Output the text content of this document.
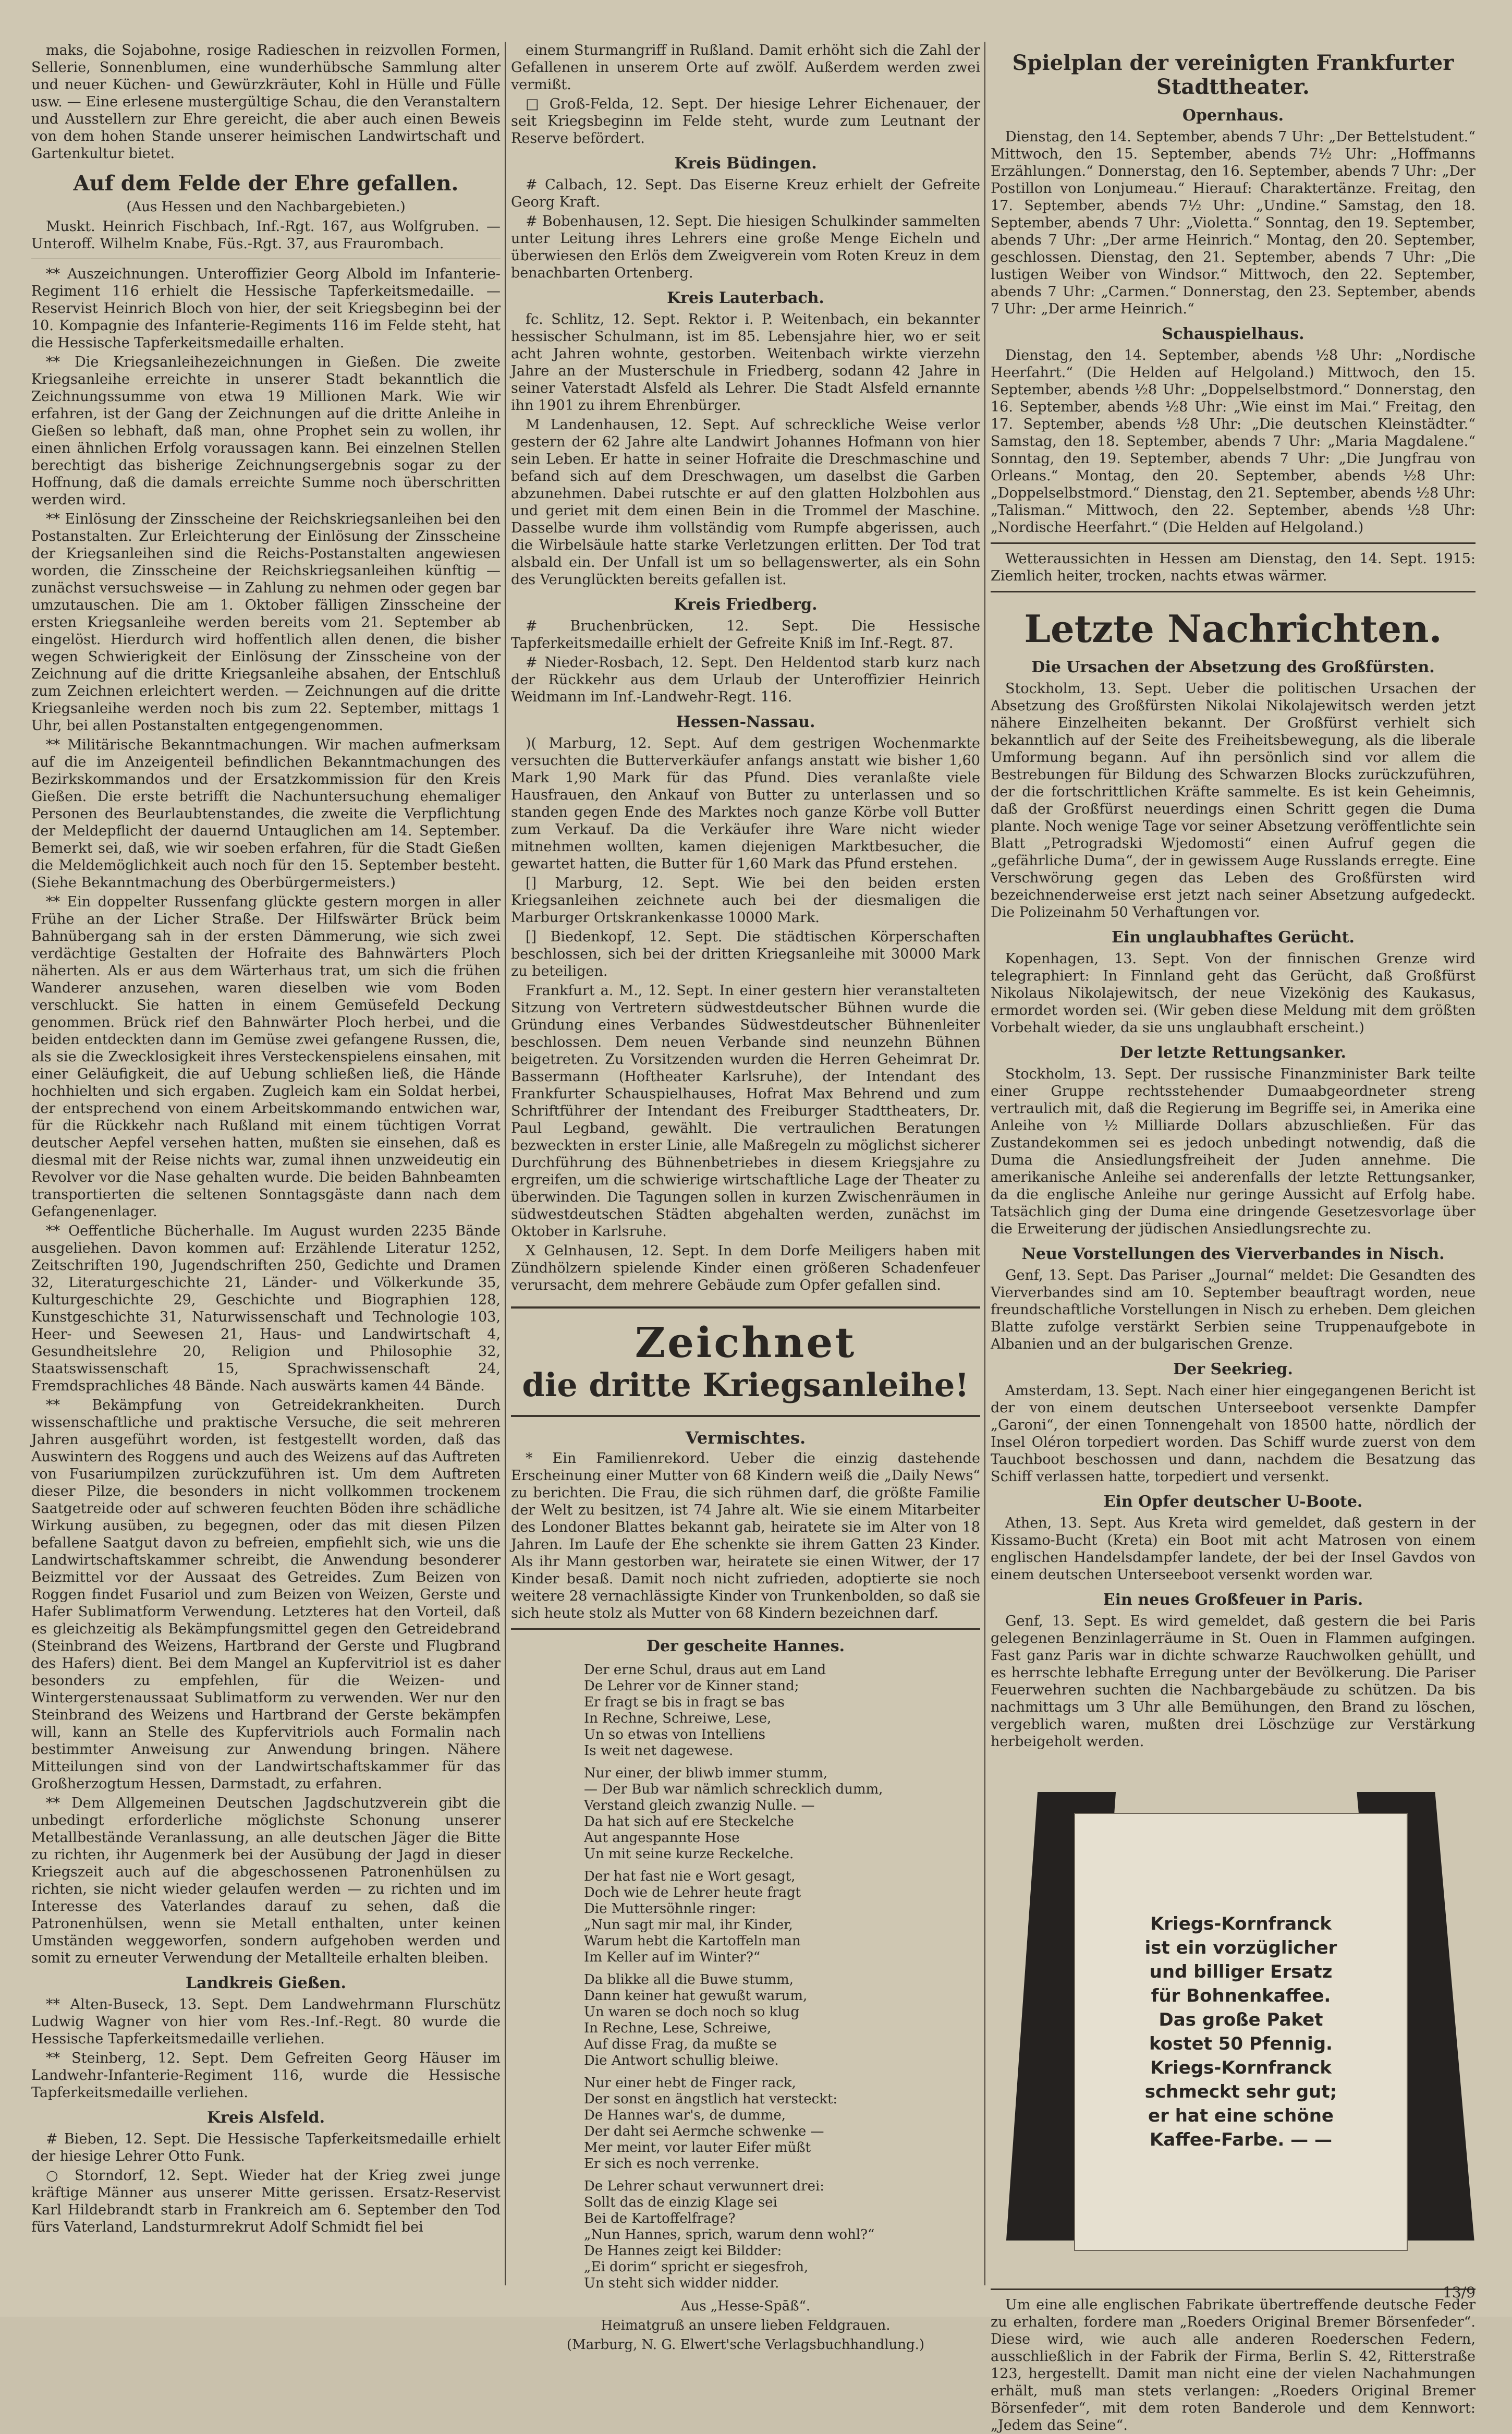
maks, die Sojabohne, rosige Radieschen in reizvollen Formen, Sellerie, Sonnenblumen, eine wunderhübsche Sammlung alter und neuer Küchen- und Gewürzkräuter, Kohl in Hülle und Fülle usw. — Eine erlesene mustergültige Schau, die den Veranstaltern und Ausstellern zur Ehre gereicht, die aber auch einen Beweis von dem hohen Stande unserer heimischen Landwirtschaft und Gartenkultur bietet.

Auf dem Felde der Ehre gefallen.

(Aus Hessen und den Nachbargebieten.)

Muskt. Heinrich Fischbach, Inf.-Rgt. 167, aus Wolfgruben. — Unteroff. Wilhelm Knabe, Füs.-Rgt. 37, aus Fraurombach.

** Auszeichnungen. Unteroffizier Georg Albold im Infanterie-Regiment 116 erhielt die Hessische Tapferkeitsmedaille. — Reservist Heinrich Bloch von hier, der seit Kriegsbeginn bei der 10. Kompagnie des Infanterie-Regiments 116 im Felde steht, hat die Hessische Tapferkeitsmedaille erhalten.

** Die Kriegsanleihezeichnungen in Gießen. Die zweite Kriegsanleihe erreichte in unserer Stadt bekanntlich die Zeichnungssumme von etwa 19 Millionen Mark. Wie wir erfahren, ist der Gang der Zeichnungen auf die dritte Anleihe in Gießen so lebhaft, daß man, ohne Prophet sein zu wollen, ihr einen ähnlichen Erfolg voraussagen kann. Bei einzelnen Stellen berechtigt das bisherige Zeichnungsergebnis sogar zu der Hoffnung, daß die damals erreichte Summe noch überschritten werden wird.

** Einlösung der Zinsscheine der Reichskriegsanleihen bei den Postanstalten. Zur Erleichterung der Einlösung der Zinsscheine der Kriegsanleihen sind die Reichs-Postanstalten angewiesen worden, die Zinsscheine der Reichskriegsanleihen künftig — zunächst versuchsweise — in Zahlung zu nehmen oder gegen bar umzutauschen. Die am 1. Oktober fälligen Zinsscheine der ersten Kriegsanleihe werden bereits vom 21. September ab eingelöst. Hierdurch wird hoffentlich allen denen, die bisher wegen Schwierigkeit der Einlösung der Zinsscheine von der Zeichnung auf die dritte Kriegsanleihe absahen, der Entschluß zum Zeichnen erleichtert werden. — Zeichnungen auf die dritte Kriegsanleihe werden noch bis zum 22. September, mittags 1 Uhr, bei allen Postanstalten entgegengenommen.

** Militärische Bekanntmachungen. Wir machen aufmerksam auf die im Anzeigenteil befindlichen Bekanntmachungen des Bezirkskommandos und der Ersatzkommission für den Kreis Gießen. Die erste betrifft die Nachuntersuchung ehemaliger Personen des Beurlaubtenstandes, die zweite die Verpflichtung der Meldepflicht der dauernd Untauglichen am 14. September. Bemerkt sei, daß, wie wir soeben erfahren, für die Stadt Gießen die Meldemöglichkeit auch noch für den 15. September besteht. (Siehe Bekanntmachung des Oberbürgermeisters.)

** Ein doppelter Russenfang glückte gestern morgen in aller Frühe an der Licher Straße. Der Hilfswärter Brück beim Bahnübergang sah in der ersten Dämmerung, wie sich zwei verdächtige Gestalten der Hofraite des Bahnwärters Ploch näherten. Als er aus dem Wärterhaus trat, um sich die frühen Wanderer anzusehen, waren dieselben wie vom Boden verschluckt. Sie hatten in einem Gemüsefeld Deckung genommen. Brück rief den Bahnwärter Ploch herbei, und die beiden entdeckten dann im Gemüse zwei gefangene Russen, die, als sie die Zwecklosigkeit ihres Versteckenspielens einsahen, mit einer Geläufigkeit, die auf Uebung schließen ließ, die Hände hochhielten und sich ergaben. Zugleich kam ein Soldat herbei, der entsprechend von einem Arbeitskommando entwichen war, für die Rückkehr nach Rußland mit einem tüchtigen Vorrat deutscher Aepfel versehen hatten, mußten sie einsehen, daß es diesmal mit der Reise nichts war, zumal ihnen unzweideutig ein Revolver vor die Nase gehalten wurde. Die beiden Bahnbeamten transportierten die seltenen Sonntagsgäste dann nach dem Gefangenenlager.

** Oeffentliche Bücherhalle. Im August wurden 2235 Bände ausgeliehen. Davon kommen auf: Erzählende Literatur 1252, Zeitschriften 190, Jugendschriften 250, Gedichte und Dramen 32, Literaturgeschichte 21, Länder- und Völkerkunde 35, Kulturgeschichte 29, Geschichte und Biographien 128, Kunstgeschichte 31, Naturwissenschaft und Technologie 103, Heer- und Seewesen 21, Haus- und Landwirtschaft 4, Gesundheitslehre 20, Religion und Philosophie 32, Staatswissenschaft 15, Sprachwissenschaft 24, Fremdsprachliches 48 Bände. Nach auswärts kamen 44 Bände.

** Bekämpfung von Getreidekrankheiten. Durch wissenschaftliche und praktische Versuche, die seit mehreren Jahren ausgeführt worden, ist festgestellt worden, daß das Auswintern des Roggens und auch des Weizens auf das Auftreten von Fusariumpilzen zurückzuführen ist. Um dem Auftreten dieser Pilze, die besonders in nicht vollkommen trockenem Saatgetreide oder auf schweren feuchten Böden ihre schädliche Wirkung ausüben, zu begegnen, oder das mit diesen Pilzen befallene Saatgut davon zu befreien, empfiehlt sich, wie uns die Landwirtschaftskammer schreibt, die Anwendung besonderer Beizmittel vor der Aussaat des Getreides. Zum Beizen von Roggen findet Fusariol und zum Beizen von Weizen, Gerste und Hafer Sublimatform Verwendung. Letzteres hat den Vorteil, daß es gleichzeitig als Bekämpfungsmittel gegen den Getreidebrand (Steinbrand des Weizens, Hartbrand der Gerste und Flugbrand des Hafers) dient. Bei dem Mangel an Kupfervitriol ist es daher besonders zu empfehlen, für die Weizen- und Wintergerstenaussaat Sublimatform zu verwenden. Wer nur den Steinbrand des Weizens und Hartbrand der Gerste bekämpfen will, kann an Stelle des Kupfervitriols auch Formalin nach bestimmter Anweisung zur Anwendung bringen. Nähere Mitteilungen sind von der Landwirtschaftskammer für das Großherzogtum Hessen, Darmstadt, zu erfahren.

** Dem Allgemeinen Deutschen Jagdschutzverein gibt die unbedingt erforderliche möglichste Schonung unserer Metallbestände Veranlassung, an alle deutschen Jäger die Bitte zu richten, ihr Augenmerk bei der Ausübung der Jagd in dieser Kriegszeit auch auf die abgeschossenen Patronenhülsen zu richten, sie nicht wieder gelaufen werden — zu richten und im Interesse des Vaterlandes darauf zu sehen, daß die Patronenhülsen, wenn sie Metall enthalten, unter keinen Umständen weggeworfen, sondern aufgehoben werden und somit zu erneuter Verwendung der Metallteile erhalten bleiben.

Landkreis Gießen.

** Alten-Buseck, 13. Sept. Dem Landwehrmann Flurschütz Ludwig Wagner von hier vom Res.-Inf.-Regt. 80 wurde die Hessische Tapferkeitsmedaille verliehen.

** Steinberg, 12. Sept. Dem Gefreiten Georg Häuser im Landwehr-Infanterie-Regiment 116, wurde die Hessische Tapferkeitsmedaille verliehen.

Kreis Alsfeld.

# Bieben, 12. Sept. Die Hessische Tapferkeitsmedaille erhielt der hiesige Lehrer Otto Funk.

○ Storndorf, 12. Sept. Wieder hat der Krieg zwei junge kräftige Männer aus unserer Mitte gerissen. Ersatz-Reservist Karl Hildebrandt starb in Frankreich am 6. September den Tod fürs Vaterland, Landsturmrekrut Adolf Schmidt fiel bei

einem Sturmangriff in Rußland. Damit erhöht sich die Zahl der Gefallenen in unserem Orte auf zwölf. Außerdem werden zwei vermißt.

□ Groß-Felda, 12. Sept. Der hiesige Lehrer Eichenauer, der seit Kriegsbeginn im Felde steht, wurde zum Leutnant der Reserve befördert.

Kreis Büdingen.

# Calbach, 12. Sept. Das Eiserne Kreuz erhielt der Gefreite Georg Kraft.

# Bobenhausen, 12. Sept. Die hiesigen Schulkinder sammelten unter Leitung ihres Lehrers eine große Menge Eicheln und überwiesen den Erlös dem Zweigverein vom Roten Kreuz in dem benachbarten Ortenberg.

Kreis Lauterbach.

fc. Schlitz, 12. Sept. Rektor i. P. Weitenbach, ein bekannter hessischer Schulmann, ist im 85. Lebensjahre hier, wo er seit acht Jahren wohnte, gestorben. Weitenbach wirkte vierzehn Jahre an der Musterschule in Friedberg, sodann 42 Jahre in seiner Vaterstadt Alsfeld als Lehrer. Die Stadt Alsfeld ernannte ihn 1901 zu ihrem Ehrenbürger.

M Landenhausen, 12. Sept. Auf schreckliche Weise verlor gestern der 62 Jahre alte Landwirt Johannes Hofmann von hier sein Leben. Er hatte in seiner Hofraite die Dreschmaschine und befand sich auf dem Dreschwagen, um daselbst die Garben abzunehmen. Dabei rutschte er auf den glatten Holzbohlen aus und geriet mit dem einen Bein in die Trommel der Maschine. Dasselbe wurde ihm vollständig vom Rumpfe abgerissen, auch die Wirbelsäule hatte starke Verletzungen erlitten. Der Tod trat alsbald ein. Der Unfall ist um so bellagenswerter, als ein Sohn des Verunglückten bereits gefallen ist.

Kreis Friedberg.

# Bruchenbrücken, 12. Sept. Die Hessische Tapferkeitsmedaille erhielt der Gefreite Kniß im Inf.-Regt. 87.

# Nieder-Rosbach, 12. Sept. Den Heldentod starb kurz nach der Rückkehr aus dem Urlaub der Unteroffizier Heinrich Weidmann im Inf.-Landwehr-Regt. 116.

Hessen-Nassau.

)( Marburg, 12. Sept. Auf dem gestrigen Wochenmarkte versuchten die Butterverkäufer anfangs anstatt wie bisher 1,60 Mark 1,90 Mark für das Pfund. Dies veranlaßte viele Hausfrauen, den Ankauf von Butter zu unterlassen und so standen gegen Ende des Marktes noch ganze Körbe voll Butter zum Verkauf. Da die Verkäufer ihre Ware nicht wieder mitnehmen wollten, kamen diejenigen Marktbesucher, die gewartet hatten, die Butter für 1,60 Mark das Pfund erstehen.

[] Marburg, 12. Sept. Wie bei den beiden ersten Kriegsanleihen zeichnete auch bei der diesmaligen die Marburger Ortskrankenkasse 10000 Mark.

[] Biedenkopf, 12. Sept. Die städtischen Körperschaften beschlossen, sich bei der dritten Kriegsanleihe mit 30000 Mark zu beteiligen.

Frankfurt a. M., 12. Sept. In einer gestern hier veranstalteten Sitzung von Vertretern südwestdeutscher Bühnen wurde die Gründung eines Verbandes Südwestdeutscher Bühnenleiter beschlossen. Dem neuen Verbande sind neunzehn Bühnen beigetreten. Zu Vorsitzenden wurden die Herren Geheimrat Dr. Bassermann (Hoftheater Karlsruhe), der Intendant des Frankfurter Schauspielhauses, Hofrat Max Behrend und zum Schriftführer der Intendant des Freiburger Stadttheaters, Dr. Paul Legband, gewählt. Die vertraulichen Beratungen bezweckten in erster Linie, alle Maßregeln zu möglichst sicherer Durchführung des Bühnenbetriebes in diesem Kriegsjahre zu ergreifen, um die schwierige wirtschaftliche Lage der Theater zu überwinden. Die Tagungen sollen in kurzen Zwischenräumen in südwestdeutschen Städten abgehalten werden, zunächst im Oktober in Karlsruhe.

X Gelnhausen, 12. Sept. In dem Dorfe Meiligers haben mit Zündhölzern spielende Kinder einen größeren Schadenfeuer verursacht, dem mehrere Gebäude zum Opfer gefallen sind.

Zeichnet
die dritte Kriegsanleihe!
Vermischtes.

* Ein Familienrekord. Ueber die einzig dastehende Erscheinung einer Mutter von 68 Kindern weiß die „Daily News“ zu berichten. Die Frau, die sich rühmen darf, die größte Familie der Welt zu besitzen, ist 74 Jahre alt. Wie sie einem Mitarbeiter des Londoner Blattes bekannt gab, heiratete sie im Alter von 18 Jahren. Im Laufe der Ehe schenkte sie ihrem Gatten 23 Kinder. Als ihr Mann gestorben war, heiratete sie einen Witwer, der 17 Kinder besaß. Damit noch nicht zufrieden, adoptierte sie noch weitere 28 vernachlässigte Kinder von Trunkenbolden, so daß sie sich heute stolz als Mutter von 68 Kindern bezeichnen darf.

Der gescheite Hannes.
Der erne Schul, draus aut em Land
De Lehrer vor de Kinner stand;
Er fragt se bis in fragt se bas
In Rechne, Schreiwe, Lese,
Un so etwas von Intelliens
Is weit net dagewese.
Nur einer, der bliwb immer stumm,
— Der Bub war nämlich schrecklich dumm,
Verstand gleich zwanzig Nulle. —
Da hat sich auf ere Steckelche
Aut angespannte Hose
Un mit seine kurze Reckelche.
Der hat fast nie e Wort gesagt,
Doch wie de Lehrer heute fragt
Die Muttersöhnle ringer:
„Nun sagt mir mal, ihr Kinder,
Warum hebt die Kartoffeln man
Im Keller auf im Winter?“
Da blikke all die Buwe stumm,
Dann keiner hat gewußt warum,
Un waren se doch noch so klug
In Rechne, Lese, Schreiwe,
Auf disse Frag, da mußte se
Die Antwort schullig bleiwe.
Nur einer hebt de Finger rack,
Der sonst en ängstlich hat versteckt:
De Hannes war's, de dumme,
Der daht sei Aermche schwenke —
Mer meint, vor lauter Eifer müßt
Er sich es noch verrenke.
De Lehrer schaut verwunnert drei:
Sollt das de einzig Klage sei
Bei de Kartoffelfrage?
„Nun Hannes, sprich, warum denn wohl?“
De Hannes zeigt kei Bildder:
„Ei dorim“ spricht er siegesfroh,
Un steht sich widder nidder.

Aus „Hesse-Spāß“.

Heimatgruß an unsere lieben Feldgrauen.

(Marburg, N. G. Elwert'sche Verlagsbuchhandlung.)

Spielplan der vereinigten Frankfurter Stadttheater.
Opernhaus.

Dienstag, den 14. September, abends 7 Uhr: „Der Bettelstudent.“ Mittwoch, den 15. September, abends 7½ Uhr: „Hoffmanns Erzählungen.“ Donnerstag, den 16. September, abends 7 Uhr: „Der Postillon von Lonjumeau.“ Hierauf: Charaktertänze. Freitag, den 17. September, abends 7½ Uhr: „Undine.“ Samstag, den 18. September, abends 7 Uhr: „Violetta.“ Sonntag, den 19. September, abends 7 Uhr: „Der arme Heinrich.“ Montag, den 20. September, geschlossen. Dienstag, den 21. September, abends 7 Uhr: „Die lustigen Weiber von Windsor.“ Mittwoch, den 22. September, abends 7 Uhr: „Carmen.“ Donnerstag, den 23. September, abends 7 Uhr: „Der arme Heinrich.“

Schauspielhaus.

Dienstag, den 14. September, abends ½8 Uhr: „Nordische Heerfahrt.“ (Die Helden auf Helgoland.) Mittwoch, den 15. September, abends ½8 Uhr: „Doppelselbstmord.“ Donnerstag, den 16. September, abends ½8 Uhr: „Wie einst im Mai.“ Freitag, den 17. September, abends ½8 Uhr: „Die deutschen Kleinstädter.“ Samstag, den 18. September, abends 7 Uhr: „Maria Magdalene.“ Sonntag, den 19. September, abends 7 Uhr: „Die Jungfrau von Orleans.“ Montag, den 20. September, abends ½8 Uhr: „Doppelselbstmord.“ Dienstag, den 21. September, abends ½8 Uhr: „Talisman.“ Mittwoch, den 22. September, abends ½8 Uhr: „Nordische Heerfahrt.“ (Die Helden auf Helgoland.)

Wetteraussichten in Hessen am Dienstag, den 14. Sept. 1915: Ziemlich heiter, trocken, nachts etwas wärmer.

Letzte Nachrichten.
Die Ursachen der Absetzung des Großfürsten.

Stockholm, 13. Sept. Ueber die politischen Ursachen der Absetzung des Großfürsten Nikolai Nikolajewitsch werden jetzt nähere Einzelheiten bekannt. Der Großfürst verhielt sich bekanntlich auf der Seite des Freiheitsbewegung, als die liberale Umformung begann. Auf ihn persönlich sind vor allem die Bestrebungen für Bildung des Schwarzen Blocks zurückzuführen, der die fortschrittlichen Kräfte sammelte. Es ist kein Geheimnis, daß der Großfürst neuerdings einen Schritt gegen die Duma plante. Noch wenige Tage vor seiner Absetzung veröffentlichte sein Blatt „Petrogradski Wjedomosti“ einen Aufruf gegen die „gefährliche Duma“, der in gewissem Auge Russlands erregte. Eine Verschwörung gegen das Leben des Großfürsten wird bezeichnenderweise erst jetzt nach seiner Absetzung aufgedeckt. Die Polizeinahm 50 Verhaftungen vor.

Ein unglaubhaftes Gerücht.

Kopenhagen, 13. Sept. Von der finnischen Grenze wird telegraphiert: In Finnland geht das Gerücht, daß Großfürst Nikolaus Nikolajewitsch, der neue Vizekönig des Kaukasus, ermordet worden sei. (Wir geben diese Meldung mit dem größten Vorbehalt wieder, da sie uns unglaubhaft erscheint.)

Der letzte Rettungsanker.

Stockholm, 13. Sept. Der russische Finanzminister Bark teilte einer Gruppe rechtsstehender Dumaabgeordneter streng vertraulich mit, daß die Regierung im Begriffe sei, in Amerika eine Anleihe von ½ Milliarde Dollars abzuschließen. Für das Zustandekommen sei es jedoch unbedingt notwendig, daß die Duma die Ansiedlungsfreiheit der Juden annehme. Die amerikanische Anleihe sei anderenfalls der letzte Rettungsanker, da die englische Anleihe nur geringe Aussicht auf Erfolg habe. Tatsächlich ging der Duma eine dringende Gesetzesvorlage über die Erweiterung der jüdischen Ansiedlungsrechte zu.

Neue Vorstellungen des Vierverbandes in Nisch.

Genf, 13. Sept. Das Pariser „Journal“ meldet: Die Gesandten des Vierverbandes sind am 10. September beauftragt worden, neue freundschaftliche Vorstellungen in Nisch zu erheben. Dem gleichen Blatte zufolge verstärkt Serbien seine Truppenaufgebote in Albanien und an der bulgarischen Grenze.

Der Seekrieg.

Amsterdam, 13. Sept. Nach einer hier eingegangenen Bericht ist der von einem deutschen Unterseeboot versenkte Dampfer „Garoni“, der einen Tonnengehalt von 18500 hatte, nördlich der Insel Oléron torpediert worden. Das Schiff wurde zuerst von dem Tauchboot beschossen und dann, nachdem die Besatzung das Schiff verlassen hatte, torpediert und versenkt.

Ein Opfer deutscher U-Boote.

Athen, 13. Sept. Aus Kreta wird gemeldet, daß gestern in der Kissamo-Bucht (Kreta) ein Boot mit acht Matrosen von einem englischen Handelsdampfer landete, der bei der Insel Gavdos von einem deutschen Unterseeboot versenkt worden war.

Ein neues Großfeuer in Paris.

Genf, 13. Sept. Es wird gemeldet, daß gestern die bei Paris gelegenen Benzinlagerräume in St. Ouen in Flammen aufgingen. Fast ganz Paris war in dichte schwarze Rauchwolken gehüllt, und es herrschte lebhafte Erregung unter der Bevölkerung. Die Pariser Feuerwehren suchten die Nachbargebäude zu schützen. Da bis nachmittags um 3 Uhr alle Bemühungen, den Brand zu löschen, vergeblich waren, mußten drei Löschzüge zur Verstärkung herbeigeholt werden.

Kriegs-Kornfranck
ist ein vorzüglicher
und billiger Ersatz
für Bohnenkaffee.
Das große Paket
kostet 50 Pfennig.
Kriegs-Kornfranck
schmeckt sehr gut;
er hat eine schöne
Kaffee-Farbe. — —

Um eine alle englischen Fabrikate übertreffende deutsche Feder zu erhalten, fordere man „Roeders Original Bremer Börsenfeder“. Diese wird, wie auch alle anderen Roederschen Federn, ausschließlich in der Fabrik der Firma, Berlin S. 42, Ritterstraße 123, hergestellt. Damit man nicht eine der vielen Nachahmungen erhält, muß man stets verlangen: „Roeders Original Bremer Börsenfeder“, mit dem roten Banderole und dem Kennwort: „Jedem das Seine“.

13/9
